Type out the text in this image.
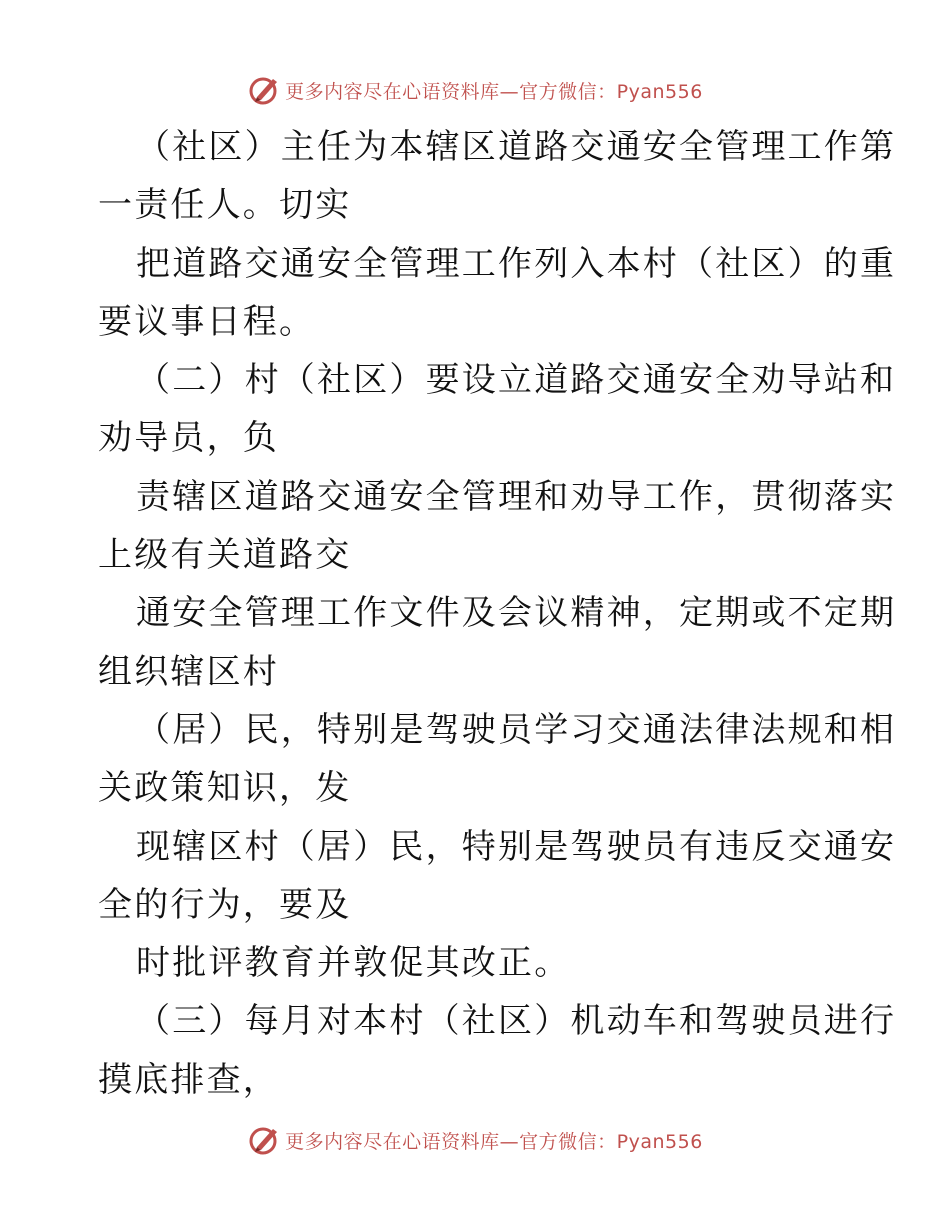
更多内容尽在心语资料库—官方微信：Pyan556
（社区）主任为本辖区道路交通安全管理工作第
一责任人。切实
把道路交通安全管理工作列入本村（社区）的重
要议事日程。
（二）村（社区）要设立道路交通安全劝导站和
劝导员，负
责辖区道路交通安全管理和劝导工作，贯彻落实
上级有关道路交
通安全管理工作文件及会议精神，定期或不定期
组织辖区村
（居）民，特别是驾驶员学习交通法律法规和相
关政策知识，发
现辖区村（居）民，特别是驾驶员有违反交通安
全的行为，要及
时批评教育并敦促其改正。
（三）每月对本村（社区）机动车和驾驶员进行
摸底排查，
更多内容尽在心语资料库—官方微信：Pyan556
